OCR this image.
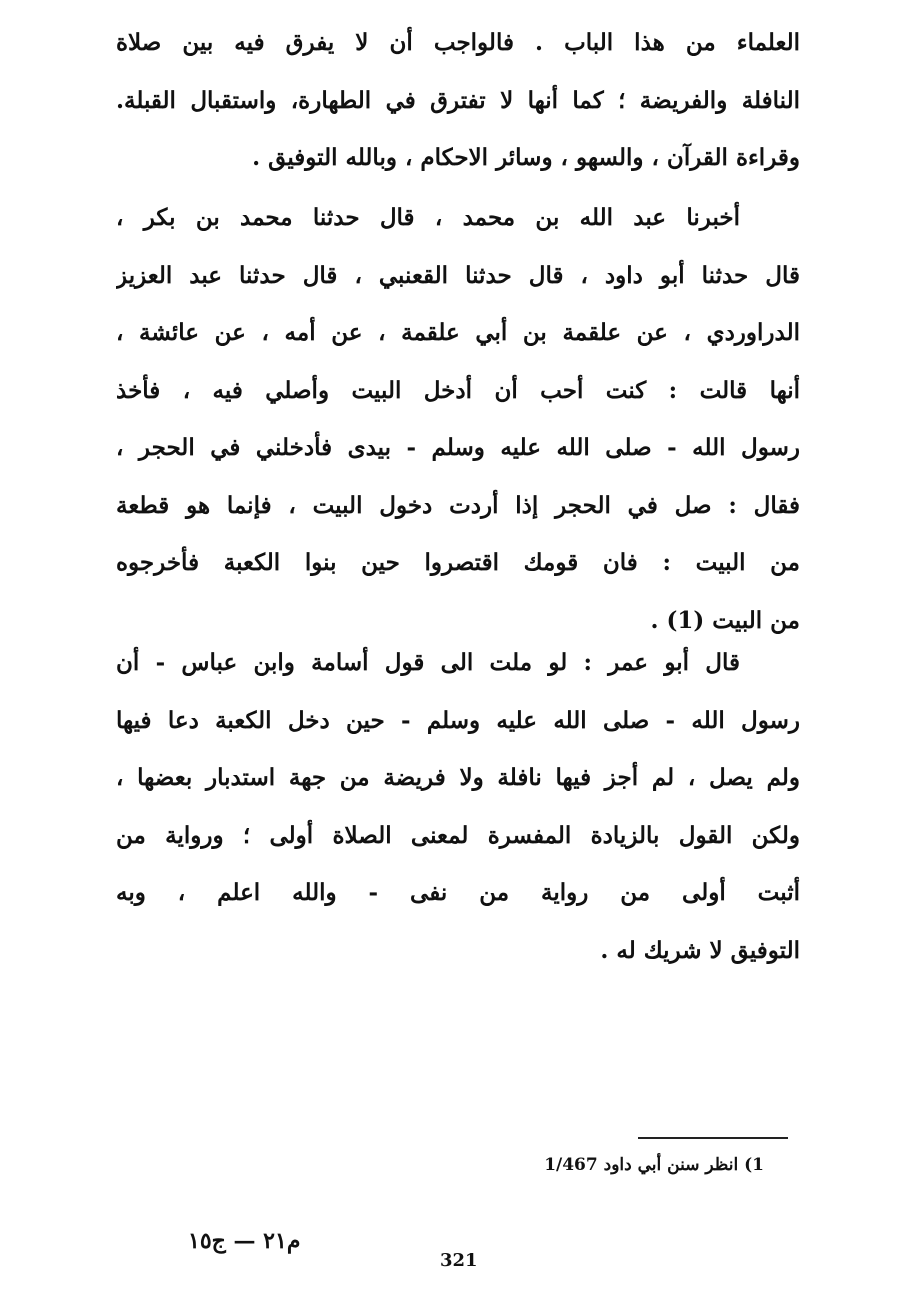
العلماء من هذا الباب . فالواجب أن لا يفرق فيه بين صلاة
النافلة والفريضة ؛ كما أنها لا تفترق في الطهارة، واستقبال القبلة.
وقراءة القرآن ، والسهو ، وسائر الاحكام ، وبالله التوفيق .
أخبرنا عبد الله بن محمد ، قال حدثنا محمد بن بكر ،
قال حدثنا أبو داود ، قال حدثنا القعنبي ، قال حدثنا عبد العزيز
الدراوردي ، عن علقمة بن أبي علقمة ، عن أمه ، عن عائشة ،
أنها قالت : كنت أحب أن أدخل البيت وأصلي فيه ، فأخذ
رسول الله - صلى الله عليه وسلم - بيدى فأدخلني في الحجر ،
فقال : صل في الحجر إذا أردت دخول البيت ، فإنما هو قطعة
من البيت : فان قومك اقتصروا حين بنوا الكعبة فأخرجوه
من البيت (1) .
قال أبو عمر : لو ملت الى قول أسامة وابن عباس - أن
رسول الله - صلى الله عليه وسلم - حين دخل الكعبة دعا فيها
ولم يصل ، لم أجز فيها نافلة ولا فريضة من جهة استدبار بعضها ،
ولكن القول بالزيادة المفسرة لمعنى الصلاة أولى ؛ ورواية من
أثبت أولى من رواية من نفى - والله اعلم ، وبه
التوفيق لا شريك له .
1) انظر سنن أبي داود 1/467
م٢١ — ج١٥
321
